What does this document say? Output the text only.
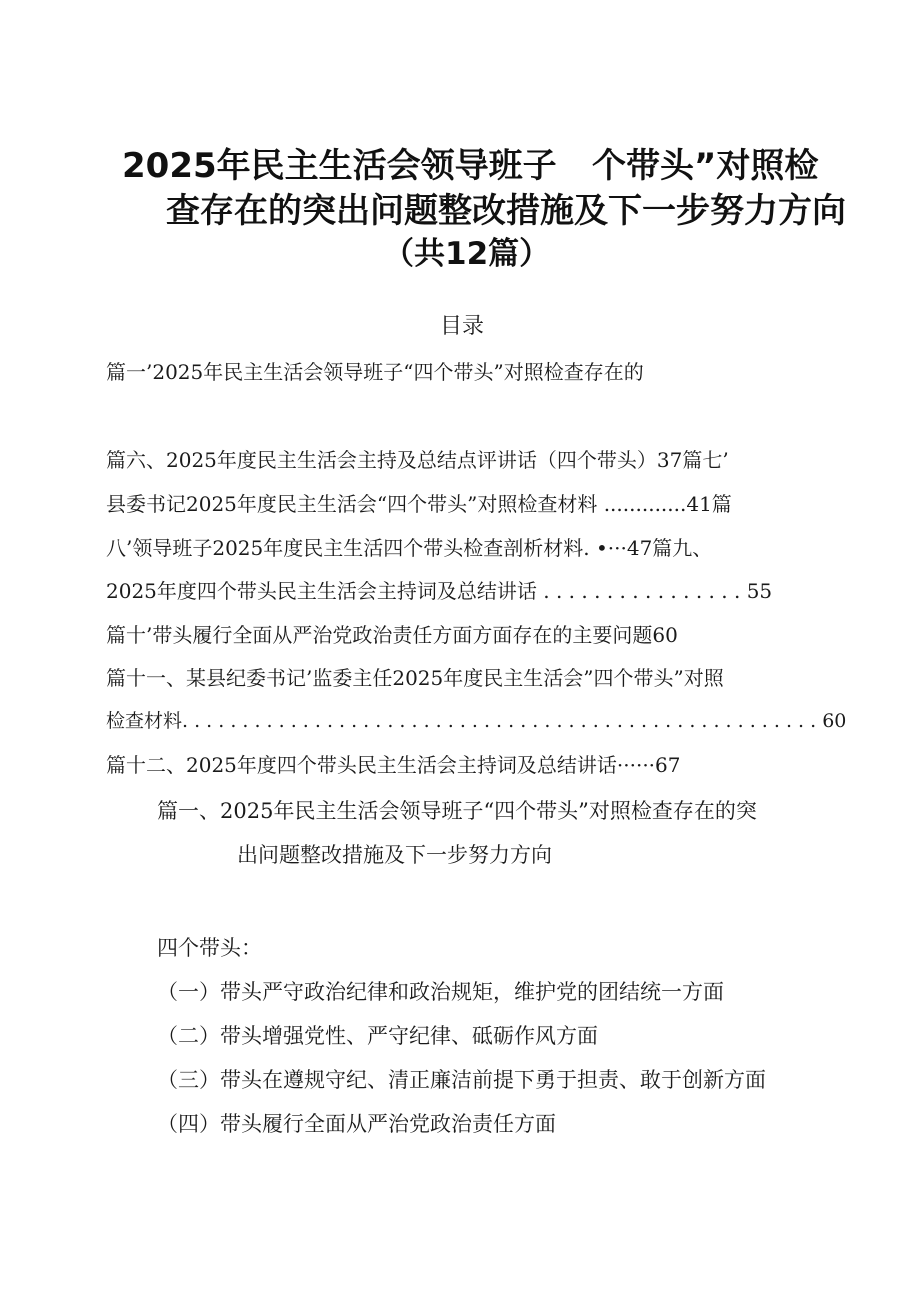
2025年民主生活会领导班子 个带头”对照检
查存在的突出问题整改措施及下一步努力方向
（共12篇）
目录
篇一’2025年民主生活会领导班子“四个带头”对照检查存在的
篇六、2025年度民主生活会主持及总结点评讲话（四个带头）37篇七’
县委书记2025年度民主生活会“四个带头”对照检查材料 .............41篇
八’领导班子2025年度民主生活四个带头检查剖析材料. •···47篇九、
2025年度四个带头民主生活会主持词及总结讲话 . . . . . . . . . . . . . . . . 55
篇十’带头履行全面从严治党政治责任方面方面存在的主要问题60
篇十一、某县纪委书记’监委主任2025年度民主生活会”四个带头”对照
检查材料. . . . . . . . . . . . . . . . . . . . . . . . . . . . . . . . . . . . . . . . . . . . . . . . . . . . . 60
篇十二、2025年度四个带头民主生活会主持词及总结讲话······67
篇一、2025年民主生活会领导班子“四个带头”对照检查存在的突
出问题整改措施及下一步努力方向
四个带头：
（一）带头严守政治纪律和政治规矩，维护党的团结统一方面
（二）带头增强党性、严守纪律、砥砺作风方面
（三）带头在遵规守纪、清正廉洁前提下勇于担责、敢于创新方面
（四）带头履行全面从严治党政治责任方面
